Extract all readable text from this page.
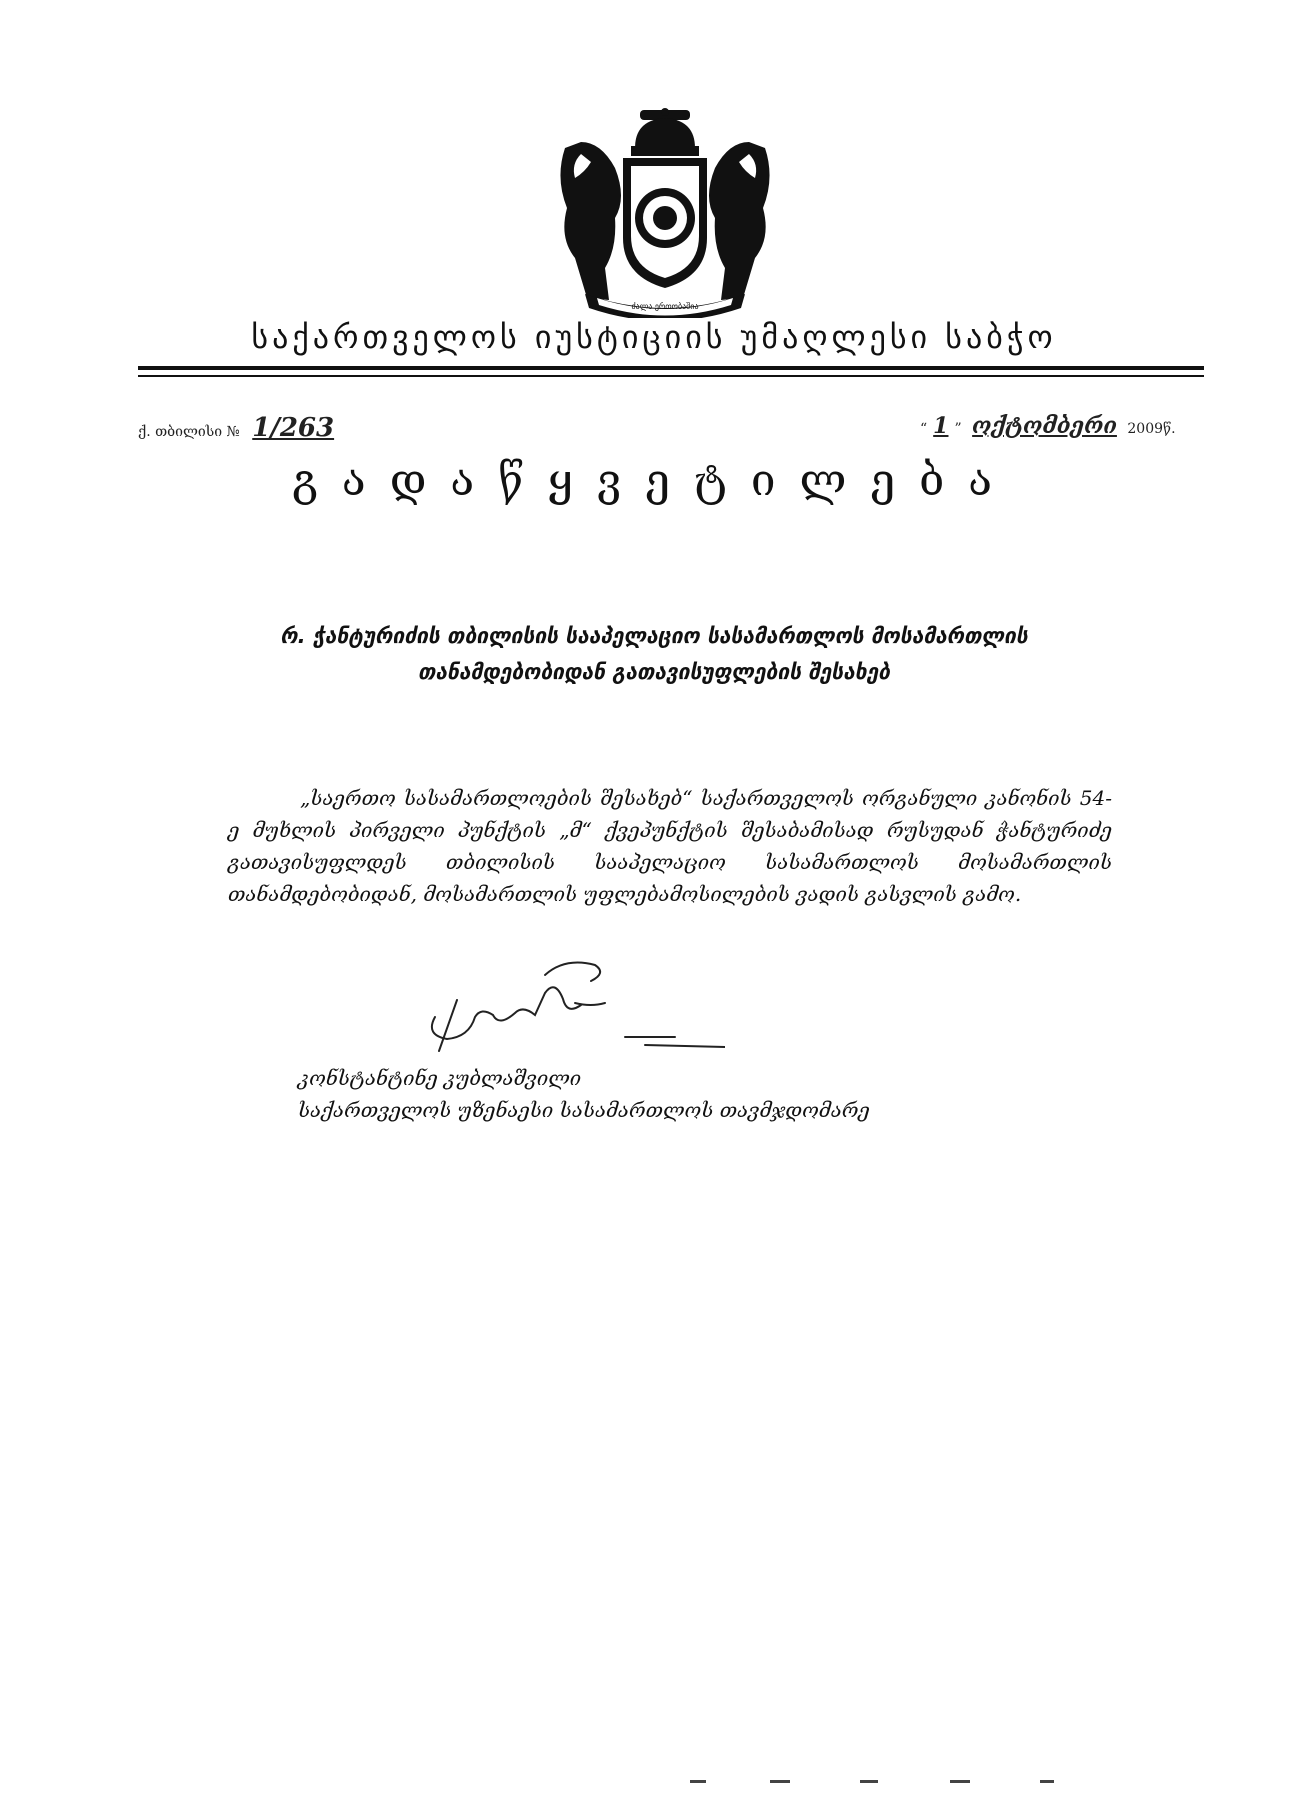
ძალა ერთობაშია
საქართველოს იუსტიციის უმაღლესი საბჭო
ქ. თბილისი № 1/263	“ 1 ” ოქტომბერი 2009წ.
გადაწყვეტილება
რ. ჭანტურიძის თბილისის სააპელაციო სასამართლოს მოსამართლის
თანამდებობიდან გათავისუფლების შესახებ
„საერთო სასამართლოების შესახებ“ საქართველოს ორგანული კანონის 54-ე მუხლის პირველი პუნქტის „მ“ ქვეპუნქტის შესაბამისად რუსუდან ჭანტურიძე გათავისუფლდეს თბილისის სააპელაციო სასამართლოს მოსამართლის თანამდებობიდან, მოსამართლის უფლებამოსილების ვადის გასვლის გამო.
კონსტანტინე კუბლაშვილი
საქართველოს უზენაესი სასამართლოს თავმჯდომარე
